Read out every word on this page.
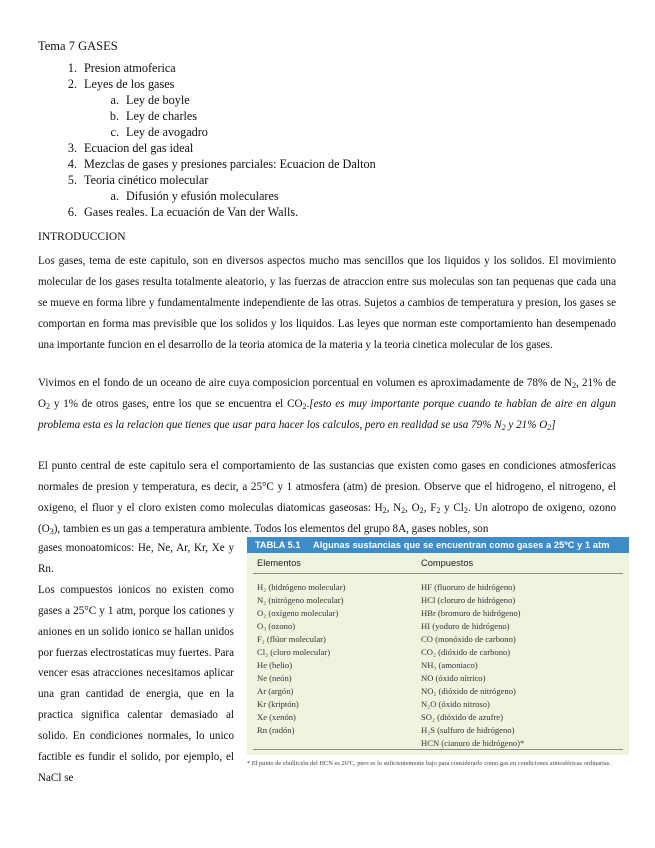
Tema 7 GASES
1. Presion atmoferica
2. Leyes de los gases
a. Ley de boyle
b. Ley de charles
c. Ley de avogadro
3. Ecuacion del gas ideal
4. Mezclas de gases y presiones parciales: Ecuacion de Dalton
5. Teoria cinético molecular
a. Difusión y efusión moleculares
6. Gases reales. La ecuación de Van der Walls.
INTRODUCCION

Los gases, tema de este capitulo, son en diversos aspectos mucho mas sencillos que los liquidos y los solidos. El movimiento molecular de los gases resulta totalmente aleatorio, y las fuerzas de atraccion entre sus moleculas son tan pequenas que cada una se mueve en forma libre y fundamentalmente independiente de las otras. Sujetos a cambios de temperatura y presion, los gases se comportan en forma mas previsible que los solidos y los liquidos. Las leyes que norman este comportamiento han desempenado una importante funcion en el desarrollo de la teoria atomica de la materia y la teoria cinetica molecular de los gases.

Vivimos en el fondo de un oceano de aire cuya composicion porcentual en volumen es aproximadamente de 78% de $N_2$, 21% de $O_2$ y 1% de otros gases, entre los que se encuentra el $CO_2.[esto$ es muy importante porque cuando te hablan de aire en algun problema esta es la relacion que tienes que usar para hacer los calculos, pero en realidad se usa 79% $N_2$ y 21% $O_2$]

El punto central de este capitulo sera el comportamiento de las sustancias que existen como gases en condiciones atmosfericas normales de presion y temperatura, es decir, a 25°C y 1 atmosfera (atm) de presion. Observe que el hidrogeno, el nitrogeno, el oxigeno, el fluor y el cloro existen como moleculas diatomicas gaseosas: $H_2$, $N_2$, $O_2$, $F_2$ y $Cl_2$. Un alotropo de oxigeno, ozono $(O_3)$, tambien es un gas a temperatura ambiente. Todos los elementos del grupo 8A, gases nobles, son

gases monoatomicos: He, Ne, Ar, Kr, Xe y Rn.

Los compuestos ionicos no existen como gases a 25°C y 1 atm, porque los cationes y aniones en un solido ionico se hallan unidos por fuerzas electrostaticas muy fuertes. Para vencer esas atracciones necesitamos aplicar una gran cantidad de energia, que en la practica significa calentar demasiado al solido. En condiciones normales, lo unico factible es fundir el solido, por ejemplo, el NaCl se

TABLA 5.1 Algunas sustancias que se encuentran como gases a 25ºC y 1 atm
Elementos	Compuestos
H₂ (hidrógeno molecular)
N₂ (nitrógeno molecular)
O₂ (oxígeno molecular)
O₃ (ozono)
F₂ (flúor molecular)
Cl₂ (cloro molecular)
He (helio)
Ne (neón)
Ar (argón)
Kr (kriptón)
Xe (xenón)
Rn (radón)
HF (fluoruro de hidrógeno)
HCl (cloruro de hidrógeno)
HBr (bromuro de hidrógeno)
HI (yoduro de hidrógeno)
CO (monóxido de carbono)
CO₂ (dióxido de carbono)
NH₃ (amoniaco)
NO (óxido nítrico)
NO₂ (dióxido de nitrógeno)
N₂O (óxido nitroso)
SO₂ (dióxido de azufre)
H₂S (sulfuro de hidrógeno)
HCN (cianuro de hidrógeno)*

* El punto de ebullición del HCN es 26ºC, pero es lo suficientemente bajo para considerarlo como gas en condiciones atmosféricas ordinarias.
